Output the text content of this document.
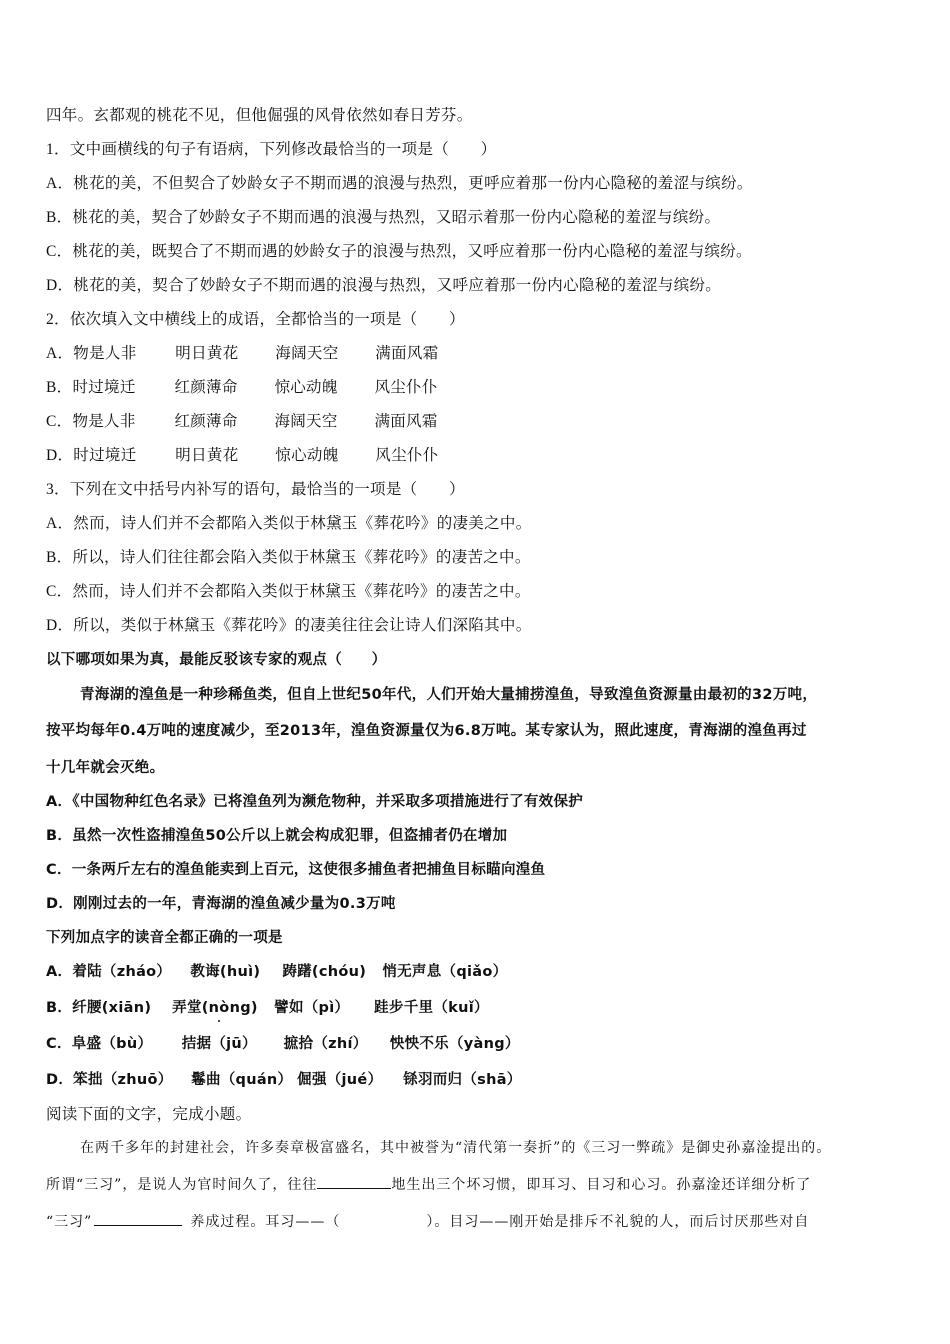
四年。玄都观的桃花不见，但他倔强的风骨依然如春日芳芬。
1．文中画横线的句子有语病，下列修改最恰当的一项是（　　）
A．桃花的美，不但契合了妙龄女子不期而遇的浪漫与热烈，更呼应着那一份内心隐秘的羞涩与缤纷。
B．桃花的美，契合了妙龄女子不期而遇的浪漫与热烈，又昭示着那一份内心隐秘的羞涩与缤纷。
C．桃花的美，既契合了不期而遇的妙龄女子的浪漫与热烈，又呼应着那一份内心隐秘的羞涩与缤纷。
D．桃花的美，契合了妙龄女子不期而遇的浪漫与热烈，又呼应着那一份内心隐秘的羞涩与缤纷。
2．依次填入文中横线上的成语，全都恰当的一项是（　　）
A．物是人非	明日黄花 海阔天空 满面风霜
B．时过境迁	红颜薄命 惊心动魄 风尘仆仆
C．物是人非	红颜薄命 海阔天空 满面风霜
D．时过境迁	明日黄花 惊心动魄 风尘仆仆
3．下列在文中括号内补写的语句，最恰当的一项是（　　）
A．然而，诗人们并不会都陷入类似于林黛玉《葬花吟》的凄美之中。
B．所以，诗人们往往都会陷入类似于林黛玉《葬花吟》的凄苦之中。
C．然而，诗人们并不会都陷入类似于林黛玉《葬花吟》的凄苦之中。
D．所以，类似于林黛玉《葬花吟》的凄美往往会让诗人们深陷其中。
以下哪项如果为真，最能反驳该专家的观点（　　）
青海湖的湟鱼是一种珍稀鱼类，但自上世纪50年代，人们开始大量捕捞湟鱼，导致湟鱼资源量由最初的32万吨，
按平均每年0.4万吨的速度减少，至2013年，湟鱼资源量仅为6.8万吨。某专家认为，照此速度，青海湖的湟鱼再过
十几年就会灭绝。
A．《中国物种红色名录》已将湟鱼列为濒危物种，并采取多项措施进行了有效保护
B．虽然一次性盗捕湟鱼50公斤以上就会构成犯罪，但盗捕者仍在增加
C．一条两斤左右的湟鱼能卖到上百元，这使很多捕鱼者把捕鱼目标瞄向湟鱼
D．刚刚过去的一年，青海湖的湟鱼减少量为0.3万吨
下列加点字的读音全都正确的一项是
A．着陆（zháo） 教诲(huì) 踌躇(chóu) 悄无声息（qiǎo）
B．纤腰(xiān) 弄堂(nòng) 譬如（pì） 跬步千里（kuǐ）
C．阜盛（bù） 拮据（jū） 摭拾（zhí） 怏怏不乐（yàng）
D．笨拙（zhuō） 鬈曲（quán） 倔强（jué） 铩羽而归（shā）
阅读下面的文字，完成小题。
在两千多年的封建社会，许多奏章极富盛名，其中被誉为“清代第一奏折”的《三习一弊疏》是御史孙嘉淦提出的。
所谓“三习”，是说人为官时间久了，往往	地生出三个坏习惯，即耳习、目习和心习。孙嘉淦还详细分析了
“三习”	养成过程。耳习——（	）。目习——刚开始是排斥不礼貌的人，而后讨厌那些对自
